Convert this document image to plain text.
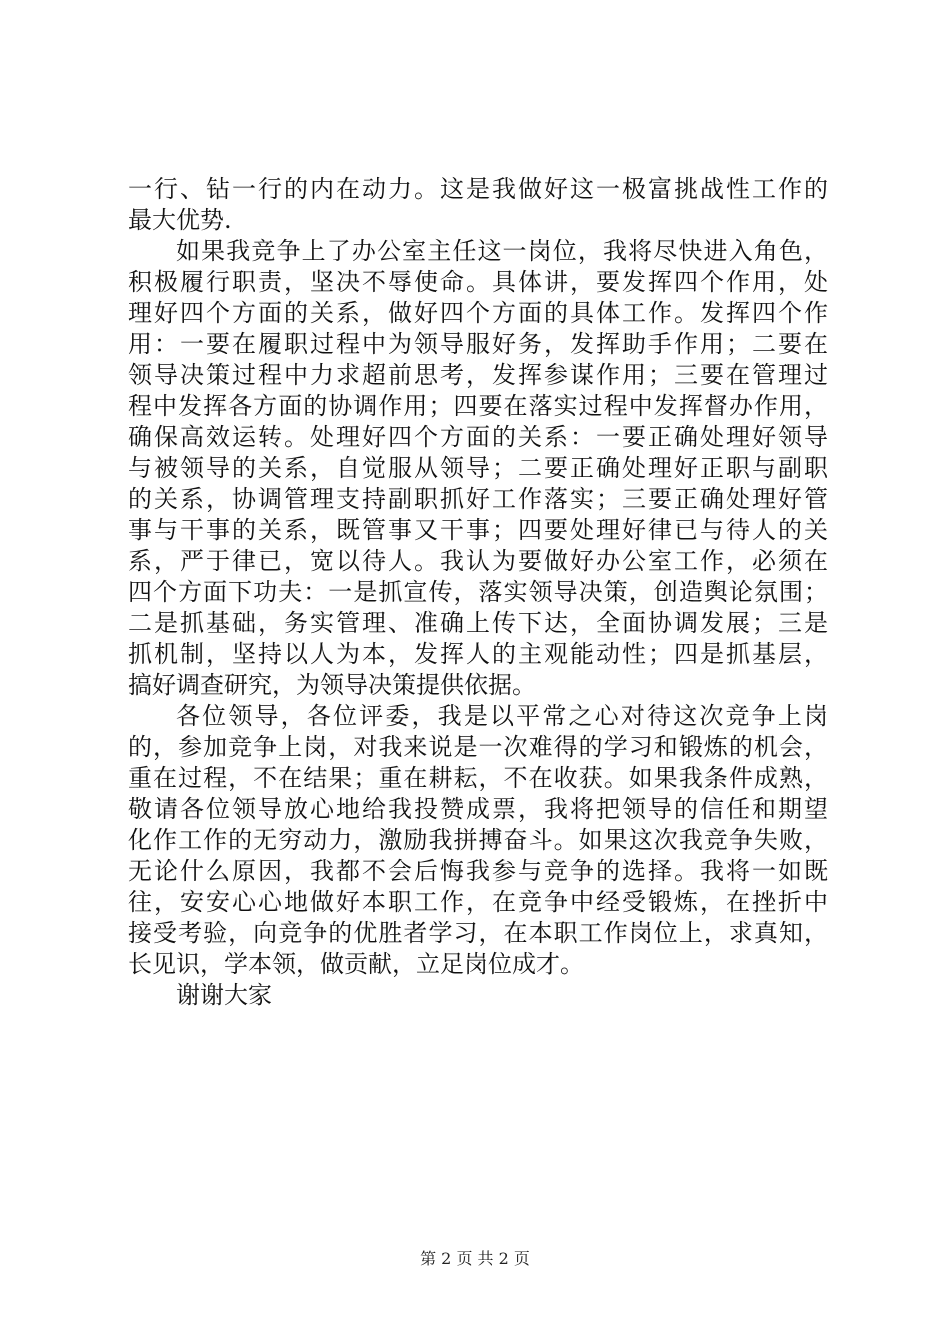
一行、钻一行的内在动力。这是我做好这一极富挑战性工作的
最大优势.
如果我竞争上了办公室主任这一岗位，我将尽快进入角色，
积极履行职责，坚决不辱使命。具体讲，要发挥四个作用，处
理好四个方面的关系，做好四个方面的具体工作。发挥四个作
用：一要在履职过程中为领导服好务，发挥助手作用；二要在
领导决策过程中力求超前思考，发挥参谋作用；三要在管理过
程中发挥各方面的协调作用；四要在落实过程中发挥督办作用，
确保高效运转。处理好四个方面的关系：一要正确处理好领导
与被领导的关系，自觉服从领导；二要正确处理好正职与副职
的关系，协调管理支持副职抓好工作落实；三要正确处理好管
事与干事的关系，既管事又干事；四要处理好律已与待人的关
系，严于律已，宽以待人。我认为要做好办公室工作，必须在
四个方面下功夫：一是抓宣传，落实领导决策，创造舆论氛围；
二是抓基础，务实管理、准确上传下达，全面协调发展；三是
抓机制，坚持以人为本，发挥人的主观能动性；四是抓基层，
搞好调查研究，为领导决策提供依据。
各位领导，各位评委，我是以平常之心对待这次竞争上岗
的，参加竞争上岗，对我来说是一次难得的学习和锻炼的机会，
重在过程，不在结果；重在耕耘，不在收获。如果我条件成熟，
敬请各位领导放心地给我投赞成票，我将把领导的信任和期望
化作工作的无穷动力，激励我拼搏奋斗。如果这次我竞争失败，
无论什么原因，我都不会后悔我参与竞争的选择。我将一如既
往，安安心心地做好本职工作，在竞争中经受锻炼，在挫折中
接受考验，向竞争的优胜者学习，在本职工作岗位上，求真知，
长见识，学本领，做贡献，立足岗位成才。
谢谢大家
第 2 页 共 2 页
